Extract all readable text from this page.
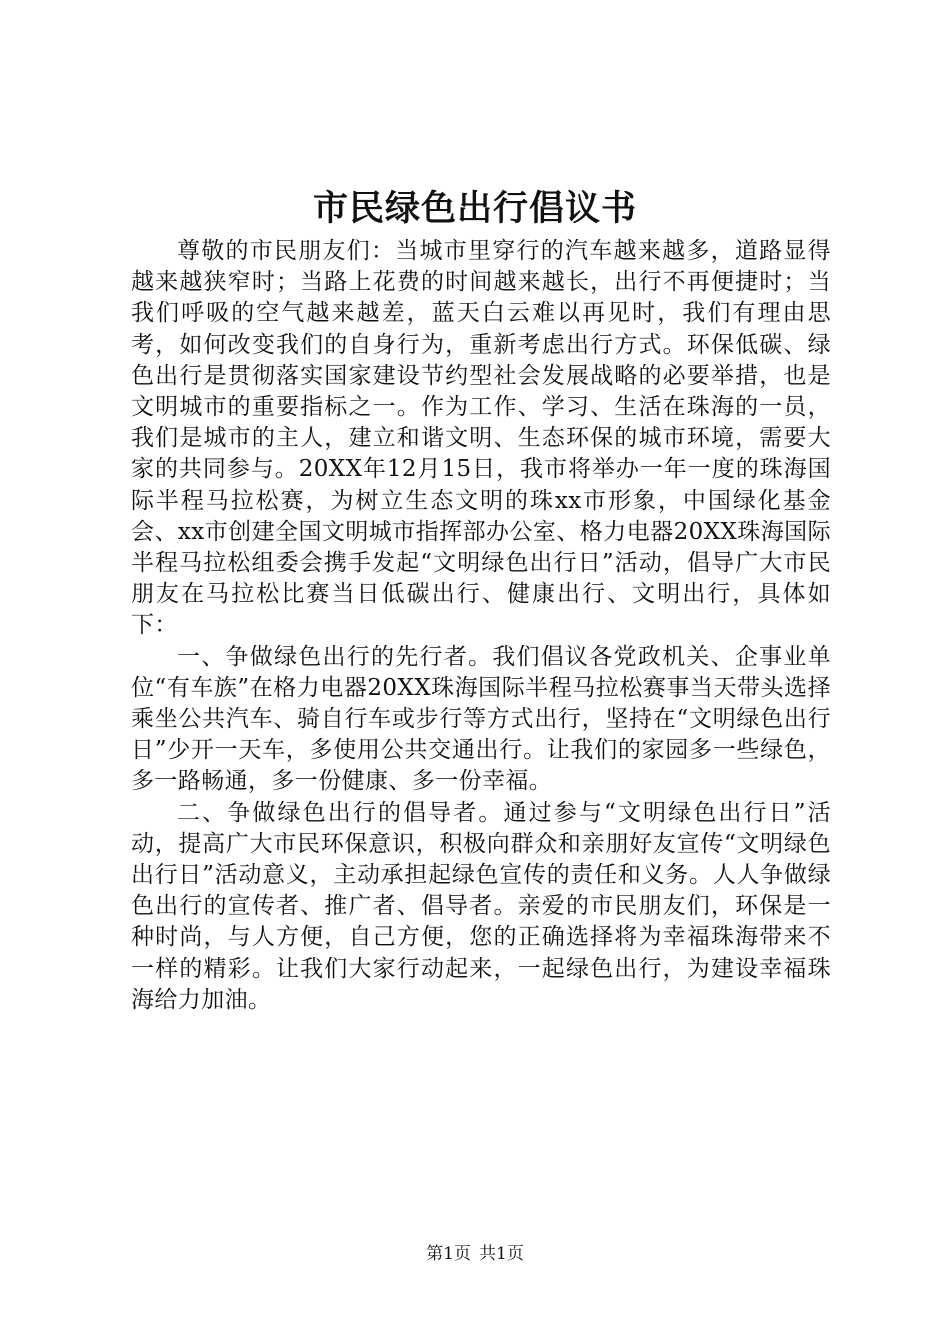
市民绿色出行倡议书

尊敬的市民朋友们：当城市里穿行的汽车越来越多，道路显得越来越狭窄时；当路上花费的时间越来越长，出行不再便捷时；当我们呼吸的空气越来越差，蓝天白云难以再见时，我们有理由思考，如何改变我们的自身行为，重新考虑出行方式。环保低碳、绿色出行是贯彻落实国家建设节约型社会发展战略的必要举措，也是文明城市的重要指标之一。作为工作、学习、生活在珠海的一员，我们是城市的主人，建立和谐文明、生态环保的城市环境，需要大家的共同参与。20XX年12月15日，我市将举办一年一度的珠海国际半程马拉松赛，为树立生态文明的珠xx市形象，中国绿化基金会、xx市创建全国文明城市指挥部办公室、格力电器20XX珠海国际半程马拉松组委会携手发起“文明绿色出行日”活动，倡导广大市民朋友在马拉松比赛当日低碳出行、健康出行、文明出行，具体如下：

一、争做绿色出行的先行者。我们倡议各党政机关、企事业单位“有车族”在格力电器20XX珠海国际半程马拉松赛事当天带头选择乘坐公共汽车、骑自行车或步行等方式出行，坚持在“文明绿色出行日”少开一天车，多使用公共交通出行。让我们的家园多一些绿色，多一路畅通，多一份健康、多一份幸福。

二、争做绿色出行的倡导者。通过参与“文明绿色出行日”活动，提高广大市民环保意识，积极向群众和亲朋好友宣传“文明绿色出行日”活动意义，主动承担起绿色宣传的责任和义务。人人争做绿色出行的宣传者、推广者、倡导者。亲爱的市民朋友们，环保是一种时尚，与人方便，自己方便，您的正确选择将为幸福珠海带来不一样的精彩。让我们大家行动起来，一起绿色出行，为建设幸福珠海给力加油。

第1页 共1页
